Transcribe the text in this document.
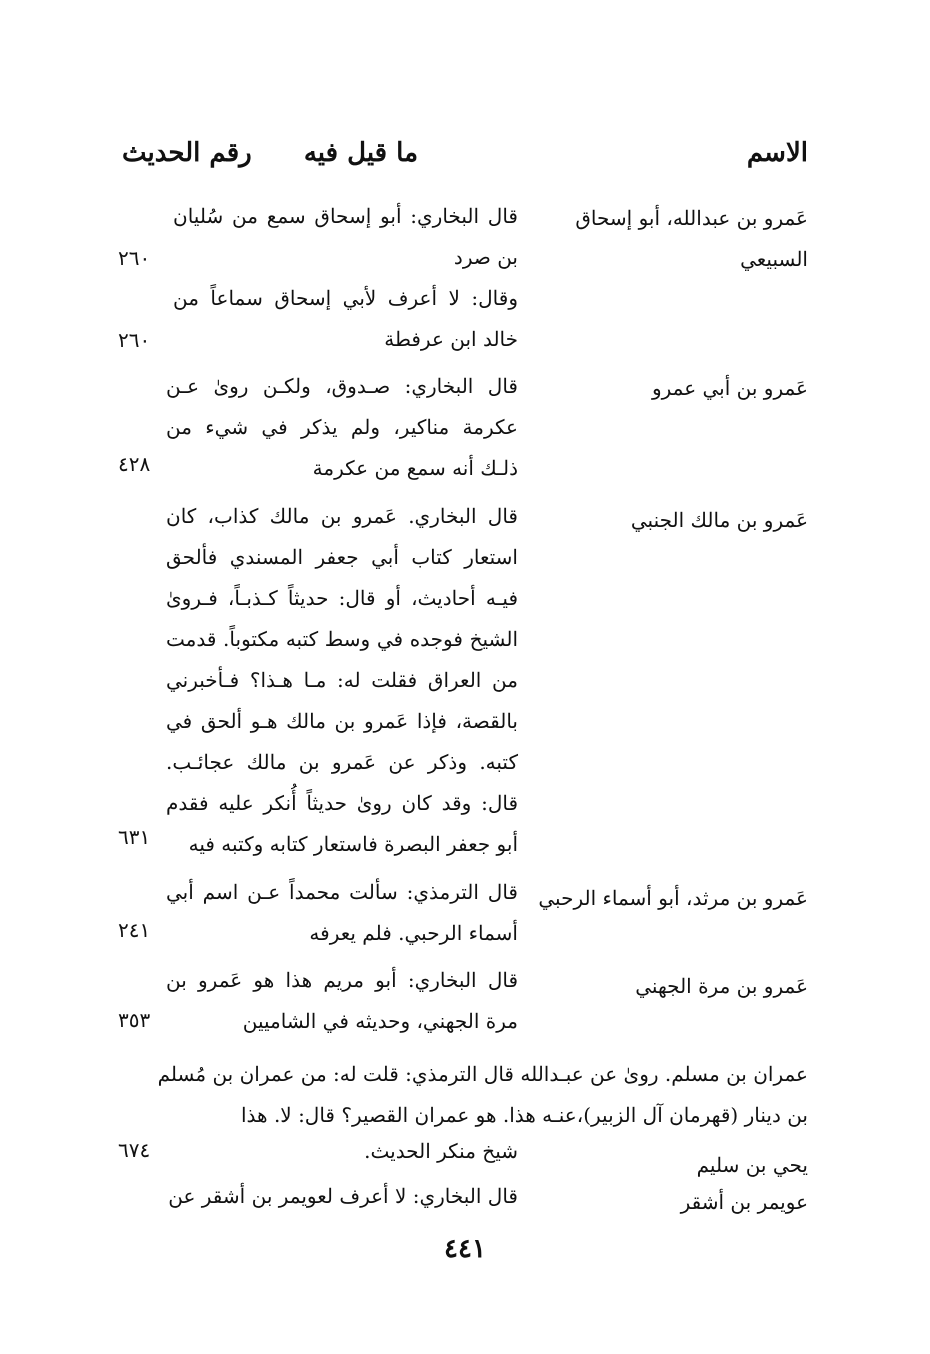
الاسم
ما قيل فيه
رقم الحديث
عَمرو بن عبدالله، أبو إسحاق السبيعي
قال البخاري: أبو إسحاق سمع من سُليان بن صرد
٢٦٠
وقال: لا أعرف لأبي إسحاق سماعاً من خالد ابن عرفطة
٢٦٠
عَمرو بن أبي عمرو
قال البخاري: صـدوق، ولكـن روىٰ عـن عكرمة مناكير، ولم يذكر في شيء من ذلـك أنه سمع من عكرمة
٤٢٨
عَمرو بن مالك الجنبي
قال البخاري. عَمرو بن مالك كذاب، كان استعار كتاب أبي جعفر المسندي فألحق فيـه أحاديث، أو قال: حديثاً كـذبـاً، فـروىٰ الشيخ فوجده في وسط كتبه مكتوباً. قدمت من العراق فقلت له: مـا هـذا؟ فـأخبرني بالقصة، فإذا عَمرو بن مالك هـو ألحق في كتبه. وذكر عن عَمرو بن مالك عجائـب. قال: وقد كان روىٰ حديثاً أُنكر عليه فقدم أبو جعفر البصرة فاستعار كتابه وكتبه فيه
٦٣١
عَمرو بن مرثد، أبو أسماء الرحبي
قال الترمذي: سألت محمداً عـن اسم أبي أسماء الرحبي. فلم يعرفه
٢٤١
عَمرو بن مرة الجهني
قال البخاري: أبو مريم هذا هو عَمرو بن مرة الجهني، وحديثه في الشاميين
٣٥٣
عمران بن مسلم. روىٰ عن عبـدالله قال الترمذي: قلت له: من عمران بن مُسلم
بن دينار (قهرمان آل الزبير)،عنـه هذا. هو عمران القصير؟ قال: لا. هذا
شيخ منكر الحديث.
يحي بن سليم
٦٧٤
عويمر بن أشقر
قال البخاري: لا أعرف لعويمر بن أشقر عن
٤٤١
